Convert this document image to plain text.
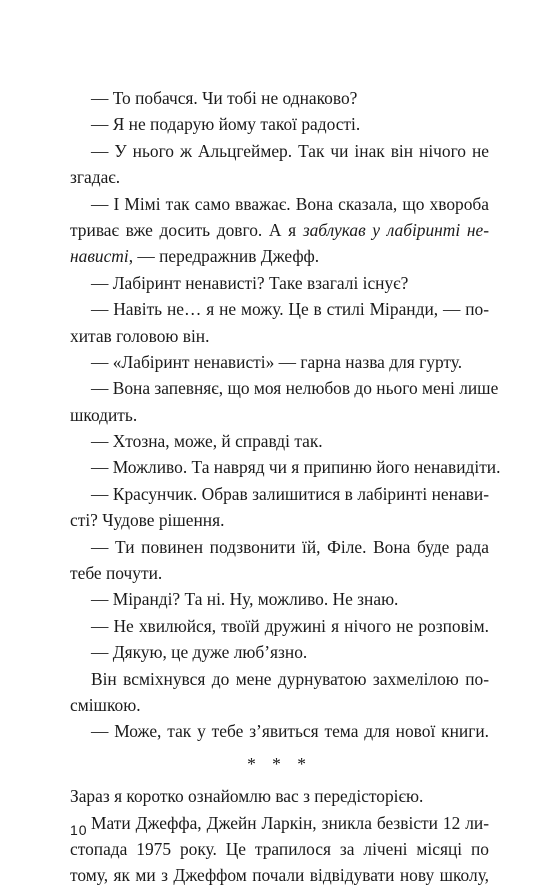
— То побачся. Чи тобі не однаково?
— Я не подарую йому такої радості.
— У нього ж Альцгеймер. Так чи інак він нічого не
згадає.
— І Мімі так само вважає. Вона сказала, що хвороба
триває вже досить довго. А я заблукав у лабіринті не-
нависті, — передражнив Джефф.
— Лабіринт ненависті? Таке взагалі існує?
— Навіть не… я не можу. Це в стилі Міранди, — по-
хитав головою він.
— «Лабіринт ненависті» — гарна назва для гурту.
— Вона запевняє, що моя нелюбов до нього мені лише
шкодить.
— Хтозна, може, й справді так.
— Можливо. Та навряд чи я припиню його ненавидіти.
— Красунчик. Обрав залишитися в лабіринті ненави-
сті? Чудове рішення.
— Ти повинен подзвонити їй, Філе. Вона буде рада
тебе почути.
— Міранді? Та ні. Ну, можливо. Не знаю.
— Не хвилюйся, твоїй дружині я нічого не розповім.
— Дякую, це дуже люб’язно.
Він всміхнувся до мене дурнуватою захмелілою по-
смішкою.
— Може, так у тебе з’явиться тема для нової книги.
* * *
Зараз я коротко ознайомлю вас з передісторією.
Мати Джеффа, Джейн Ларкін, зникла безвісти 12 ли-
стопада 1975 року. Це трапилося за лічені місяці по
тому, як ми з Джеффом почали відвідувати нову школу,
10
